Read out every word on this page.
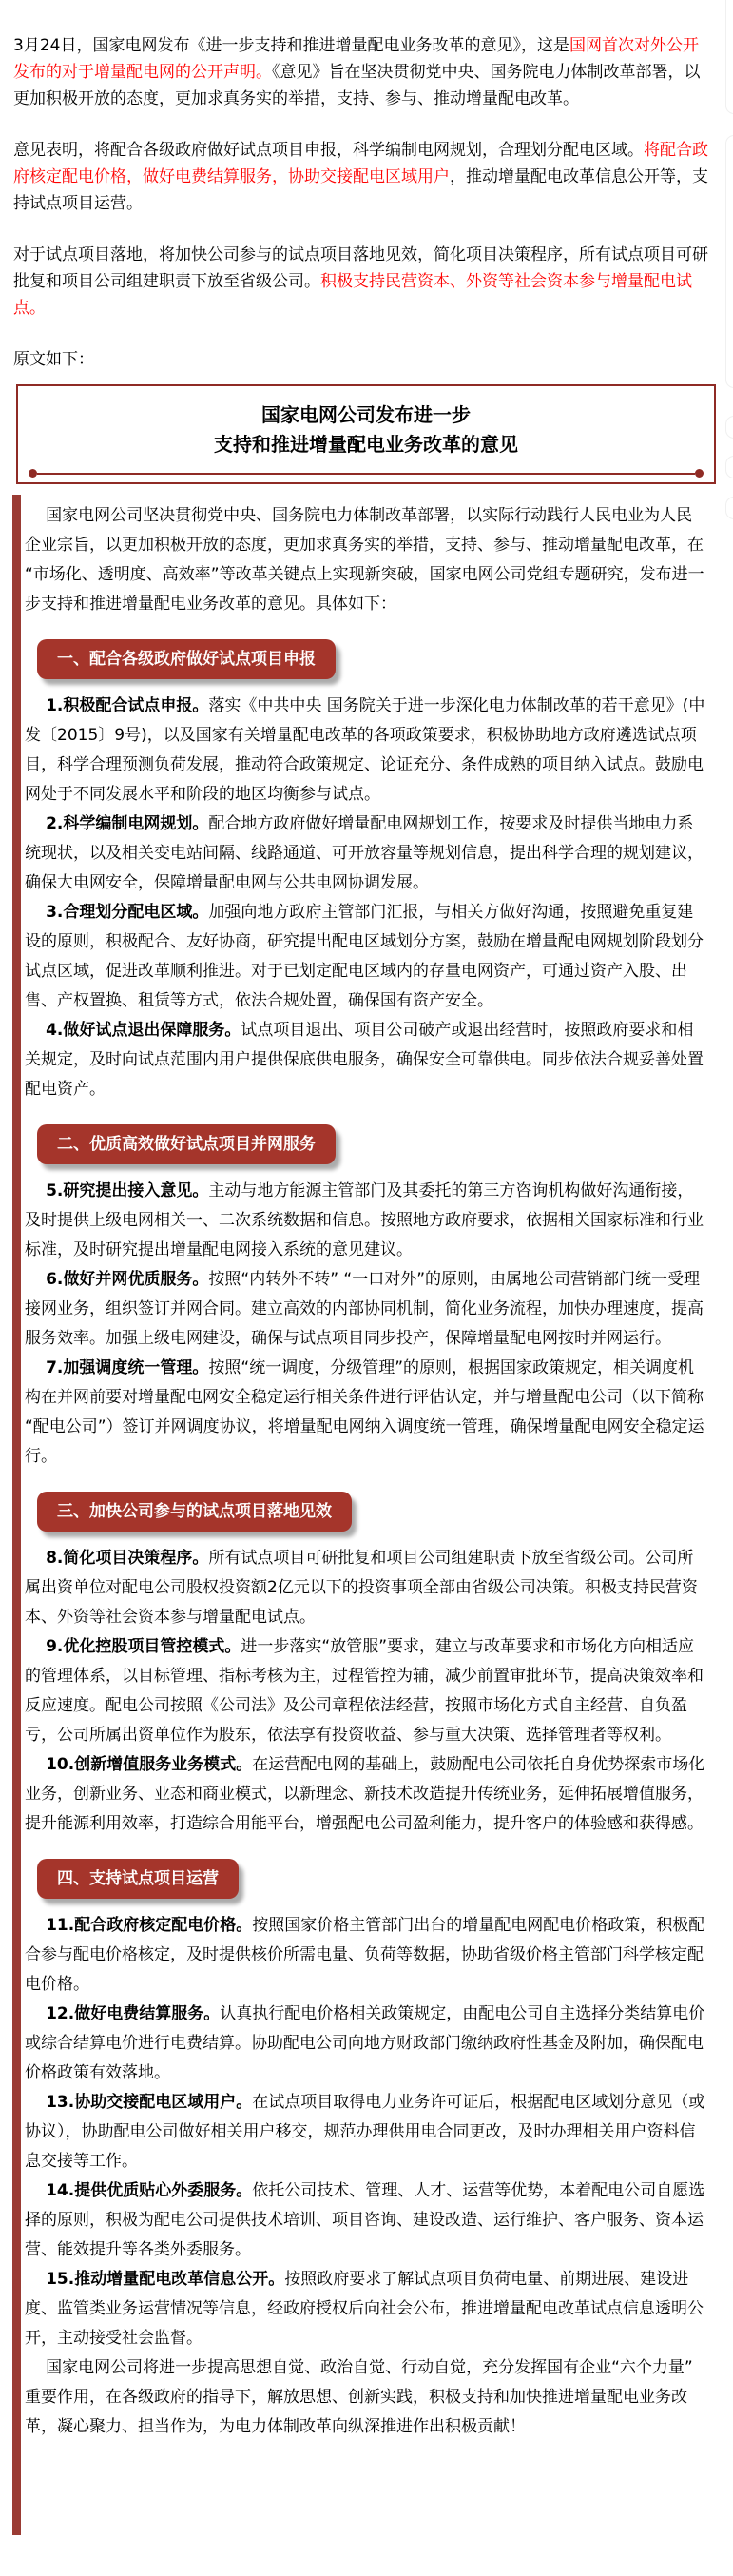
3月24日，国家电网发布《进一步支持和推进增量配电业务改革的意见》，这是国网首次对外公开发布的对于增量配电网的公开声明。《意见》旨在坚决贯彻党中央、国务院电力体制改革部署，以更加积极开放的态度，更加求真务实的举措，支持、参与、推动增量配电改革。

意见表明，将配合各级政府做好试点项目申报，科学编制电网规划，合理划分配电区域。将配合政府核定配电价格，做好电费结算服务，协助交接配电区域用户，推动增量配电改革信息公开等，支持试点项目运营。

对于试点项目落地，将加快公司参与的试点项目落地见效，简化项目决策程序，所有试点项目可研批复和项目公司组建职责下放至省级公司。积极支持民营资本、外资等社会资本参与增量配电试点。

原文如下：

国家电网公司发布进一步
支持和推进增量配电业务改革的意见

国家电网公司坚决贯彻党中央、国务院电力体制改革部署，以实际行动践行人民电业为人民企业宗旨，以更加积极开放的态度，更加求真务实的举措，支持、参与、推动增量配电改革，在“市场化、透明度、高效率”等改革关键点上实现新突破，国家电网公司党组专题研究，发布进一步支持和推进增量配电业务改革的意见。具体如下：

一、配合各级政府做好试点项目申报

1.积极配合试点申报。落实《中共中央 国务院关于进一步深化电力体制改革的若干意见》(中发〔2015〕9号)，以及国家有关增量配电改革的各项政策要求，积极协助地方政府遴选试点项目，科学合理预测负荷发展，推动符合政策规定、论证充分、条件成熟的项目纳入试点。鼓励电网处于不同发展水平和阶段的地区均衡参与试点。

2.科学编制电网规划。配合地方政府做好增量配电网规划工作，按要求及时提供当地电力系统现状，以及相关变电站间隔、线路通道、可开放容量等规划信息，提出科学合理的规划建议，确保大电网安全，保障增量配电网与公共电网协调发展。

3.合理划分配电区域。加强向地方政府主管部门汇报，与相关方做好沟通，按照避免重复建设的原则，积极配合、友好协商，研究提出配电区域划分方案，鼓励在增量配电网规划阶段划分试点区域，促进改革顺利推进。对于已划定配电区域内的存量电网资产，可通过资产入股、出售、产权置换、租赁等方式，依法合规处置，确保国有资产安全。

4.做好试点退出保障服务。试点项目退出、项目公司破产或退出经营时，按照政府要求和相关规定，及时向试点范围内用户提供保底供电服务，确保安全可靠供电。同步依法合规妥善处置配电资产。

二、优质高效做好试点项目并网服务

5.研究提出接入意见。主动与地方能源主管部门及其委托的第三方咨询机构做好沟通衔接，及时提供上级电网相关一、二次系统数据和信息。按照地方政府要求，依据相关国家标准和行业标准，及时研究提出增量配电网接入系统的意见建议。

6.做好并网优质服务。按照“内转外不转” “一口对外”的原则，由属地公司营销部门统一受理接网业务，组织签订并网合同。建立高效的内部协同机制，简化业务流程，加快办理速度，提高服务效率。加强上级电网建设，确保与试点项目同步投产，保障增量配电网按时并网运行。

7.加强调度统一管理。按照“统一调度，分级管理”的原则，根据国家政策规定，相关调度机构在并网前要对增量配电网安全稳定运行相关条件进行评估认定，并与增量配电公司（以下简称“配电公司”）签订并网调度协议，将增量配电网纳入调度统一管理，确保增量配电网安全稳定运行。

三、加快公司参与的试点项目落地见效

8.简化项目决策程序。所有试点项目可研批复和项目公司组建职责下放至省级公司。公司所属出资单位对配电公司股权投资额2亿元以下的投资事项全部由省级公司决策。积极支持民营资本、外资等社会资本参与增量配电试点。

9.优化控股项目管控模式。进一步落实“放管服”要求，建立与改革要求和市场化方向相适应的管理体系，以目标管理、指标考核为主，过程管控为辅，减少前置审批环节，提高决策效率和反应速度。配电公司按照《公司法》及公司章程依法经营，按照市场化方式自主经营、自负盈亏，公司所属出资单位作为股东，依法享有投资收益、参与重大决策、选择管理者等权利。

10.创新增值服务业务模式。在运营配电网的基础上，鼓励配电公司依托自身优势探索市场化业务，创新业务、业态和商业模式，以新理念、新技术改造提升传统业务，延伸拓展增值服务，提升能源利用效率，打造综合用能平台，增强配电公司盈利能力，提升客户的体验感和获得感。

四、支持试点项目运营

11.配合政府核定配电价格。按照国家价格主管部门出台的增量配电网配电价格政策，积极配合参与配电价格核定，及时提供核价所需电量、负荷等数据，协助省级价格主管部门科学核定配电价格。

12.做好电费结算服务。认真执行配电价格相关政策规定，由配电公司自主选择分类结算电价或综合结算电价进行电费结算。协助配电公司向地方财政部门缴纳政府性基金及附加，确保配电价格政策有效落地。

13.协助交接配电区域用户。在试点项目取得电力业务许可证后，根据配电区域划分意见（或协议），协助配电公司做好相关用户移交，规范办理供用电合同更改，及时办理相关用户资料信息交接等工作。

14.提供优质贴心外委服务。依托公司技术、管理、人才、运营等优势，本着配电公司自愿选择的原则，积极为配电公司提供技术培训、项目咨询、建设改造、运行维护、客户服务、资本运营、能效提升等各类外委服务。

15.推动增量配电改革信息公开。按照政府要求了解试点项目负荷电量、前期进展、建设进度、监管类业务运营情况等信息，经政府授权后向社会公布，推进增量配电改革试点信息透明公开，主动接受社会监督。

国家电网公司将进一步提高思想自觉、政治自觉、行动自觉，充分发挥国有企业“六个力量”重要作用，在各级政府的指导下，解放思想、创新实践，积极支持和加快推进增量配电业务改革，凝心聚力、担当作为，为电力体制改革向纵深推进作出积极贡献！
